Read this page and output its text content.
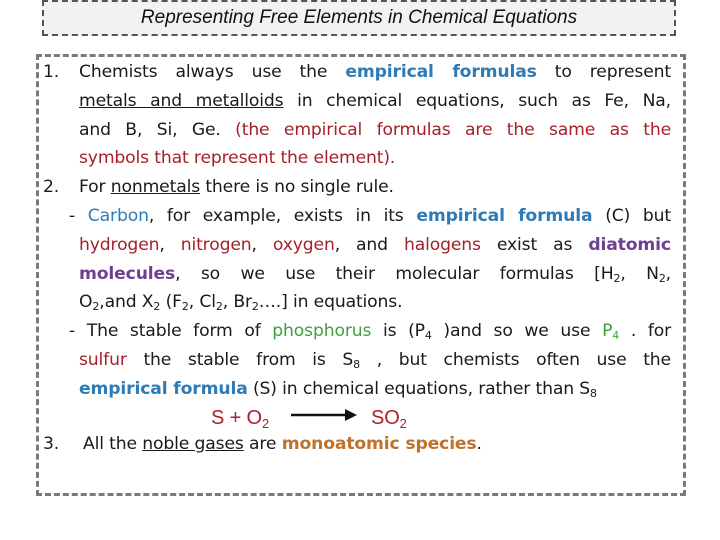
Representing Free Elements in Chemical Equations
1. Chemists always use the empirical formulas to represent
metals and metalloids in chemical equations, such as Fe, Na,
and B, Si, Ge. (the empirical formulas are the same as the
symbols that represent the element).
2. For nonmetals there is no single rule.
- Carbon, for example, exists in its empirical formula (C) but
hydrogen, nitrogen, oxygen, and halogens exist as diatomic
molecules, so we use their molecular formulas [$H_2$, $N_2$,
$O_2,and$ $X_2$ ($F_2$, $Cl_2$, $Br_2\dots$.] in equations.
- The stable form of phosphorus is ($P_4$ )and so we use $P_4$ . for
sulfur the stable from is $S_8$ , but chemists often use the
empirical formula (S) in chemical equations, rather than $S_8$
$S + O_2 \to SO_2$
3. All the noble gases are monoatomic species.
